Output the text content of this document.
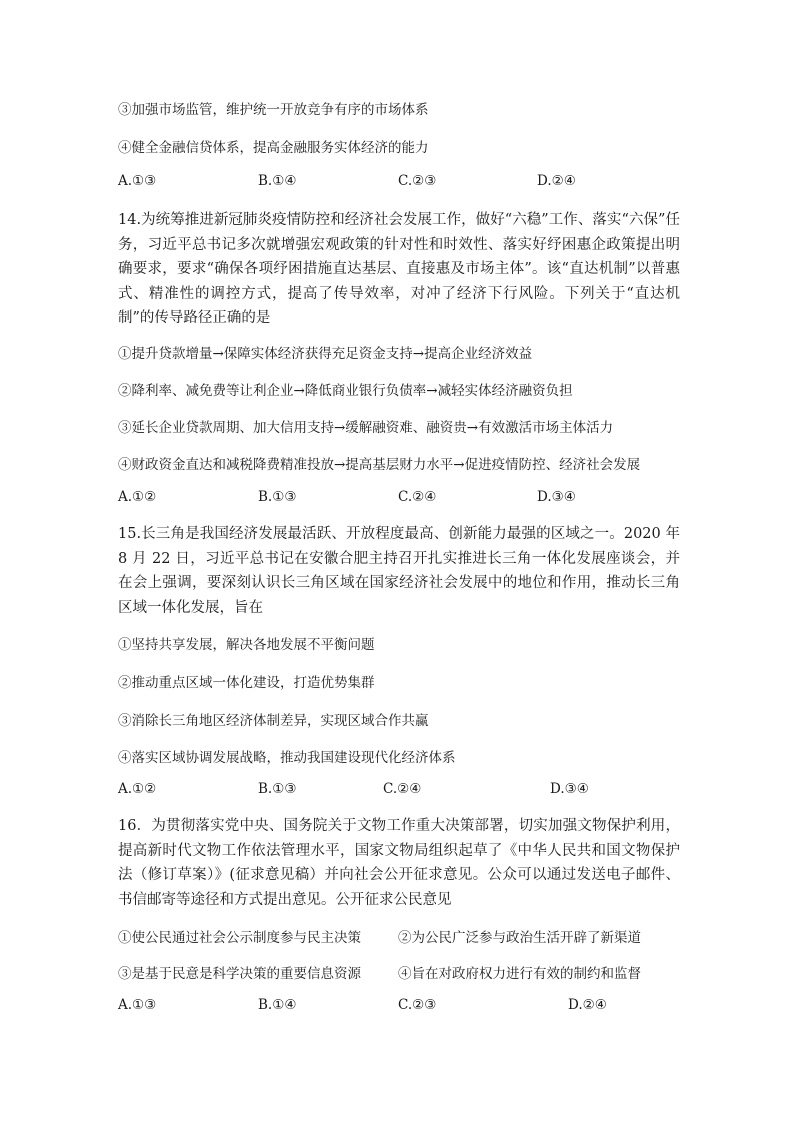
③加强市场监管，维护统一开放竞争有序的市场体系
④健全金融信贷体系，提高金融服务实体经济的能力
A.①③	B.①④	C.②③	D.②④

14.为统筹推进新冠肺炎疫情防控和经济社会发展工作，做好“六稳”工作、落实“六保”任务，习近平总书记多次就增强宏观政策的针对性和时效性、落实好纾困惠企政策提出明确要求，要求“确保各项纾困措施直达基层、直接惠及市场主体”。该“直达机制”以普惠式、精准性的调控方式，提高了传导效率，对冲了经济下行风险。下列关于“直达机制”的传导路径正确的是

①提升贷款增量→保障实体经济获得充足资金支持→提高企业经济效益
②降利率、减免费等让利企业→降低商业银行负债率→减轻实体经济融资负担
③延长企业贷款周期、加大信用支持→缓解融资难、融资贵→有效激活市场主体活力
④财政资金直达和减税降费精准投放→提高基层财力水平→促进疫情防控、经济社会发展
A.①②	B.①③	C.②④	D.③④

15.长三角是我国经济发展最活跃、开放程度最高、创新能力最强的区域之一。2020 年 8 月 22 日，习近平总书记在安徽合肥主持召开扎实推进长三角一体化发展座谈会，并在会上强调，要深刻认识长三角区域在国家经济社会发展中的地位和作用，推动长三角区域一体化发展，旨在

①坚持共享发展，解决各地发展不平衡问题
②推动重点区域一体化建设，打造优势集群
③消除长三角地区经济体制差异，实现区域合作共赢
④落实区域协调发展战略，推动我国建设现代化经济体系
A.①②	B.①③	C.②④	D.③④

16．为贯彻落实党中央、国务院关于文物工作重大决策部署，切实加强文物保护利用，提高新时代文物工作依法管理水平，国家文物局组织起草了《中华人民共和国文物保护法（修订草案）》(征求意见稿）并向社会公开征求意见。公众可以通过发送电子邮件、书信邮寄等途径和方式提出意见。公开征求公民意见

①使公民通过社会公示制度参与民主决策	②为公民广泛参与政治生活开辟了新渠道
③是基于民意是科学决策的重要信息资源	④旨在对政府权力进行有效的制约和监督
A.①③	B.①④	C.②③	D.②④
